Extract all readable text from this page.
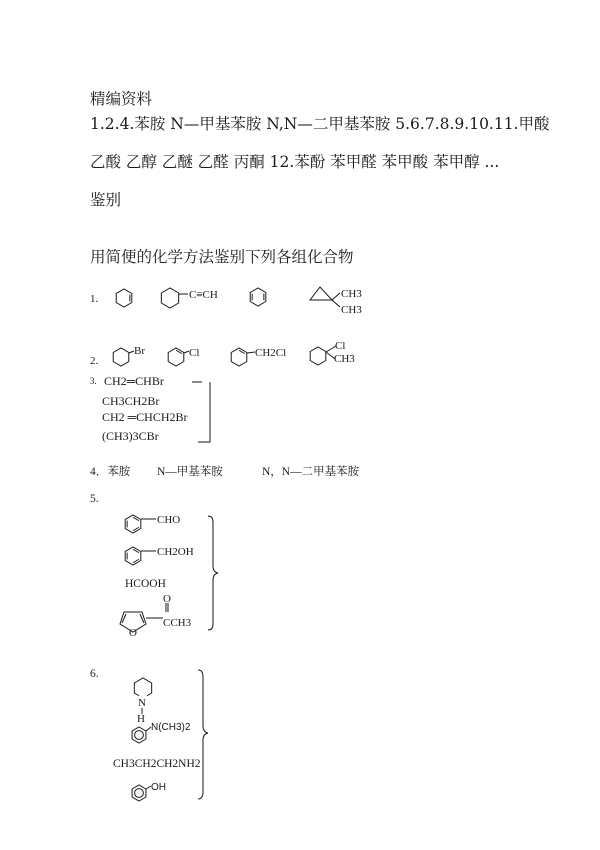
精编资料
1.2.4.苯胺 N—甲基苯胺 N,N—二甲基苯胺 5.6.7.8.9.10.11.甲酸
乙酸 乙醇 乙醚 乙醛 丙酮 12.苯酚 苯甲醛 苯甲酸 苯甲醇 ...
鉴别
用简便的化学方法鉴别下列各组化合物
3. CH2═CHBr
CH3CH2Br
CH2 ═CHCH2Br
(CH3)3CBr
4．苯胺 N—甲基苯胺	N，N—二甲基苯胺
5.
HCOOH
6.
CH3CH2CH2NH2
1.	C≡CH	CH3
CH3
2.
Br	Cl	CH2Cl
Cl
CH3
CHO
CH2OH
O
O
CCH3
N
H
N(CH3)2
OH
